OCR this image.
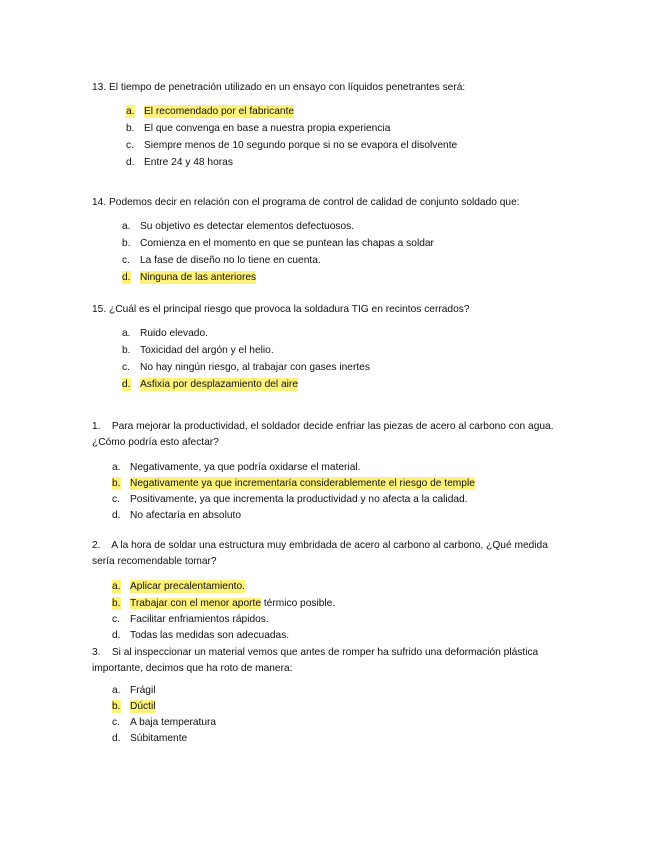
13. El tiempo de penetración utilizado en un ensayo con líquidos penetrantes será:
a. El recomendado por el fabricante
b. El que convenga en base a nuestra propia experiencia
c. Siempre menos de 10 segundo porque si no se evapora el disolvente
d. Entre 24 y 48 horas
14. Podemos decir en relación con el programa de control de calidad de conjunto soldado que:
a. Su objetivo es detectar elementos defectuosos.
b. Comienza en el momento en que se puntean las chapas a soldar
c. La fase de diseño no lo tiene en cuenta.
d. Ninguna de las anteriores
15. ¿Cuál es el principal riesgo que provoca la soldadura TIG en recintos cerrados?
a. Ruido elevado.
b. Toxicidad del argón y el helio.
c. No hay ningún riesgo, al trabajar con gases inertes
d. Asfixia por desplazamiento del aire
1.    Para mejorar la productividad, el soldador decide enfriar las piezas de acero al carbono con agua. ¿Cómo podría esto afectar?
a. Negativamente, ya que podría oxidarse el material.
b. Negativamente ya que incrementaría considerablemente el riesgo de temple
c. Positivamente, ya que incrementa la productividad y no afecta a la calidad.
d. No afectaría en absoluto
2.    A la hora de soldar una estructura muy embridada de acero al carbono al carbono, ¿Qué medida sería recomendable tomar?
a. Aplicar precalentamiento.
b. Trabajar con el menor aporte térmico posible.
c. Facilitar enfriamientos rápidos.
d. Todas las medidas son adecuadas.
3.    Si al inspeccionar un material vemos que antes de romper ha sufrido una deformación plástica importante, decimos que ha roto de manera:
a. Frágil
b. Dúctil
c. A baja temperatura
d. Súbitamente
